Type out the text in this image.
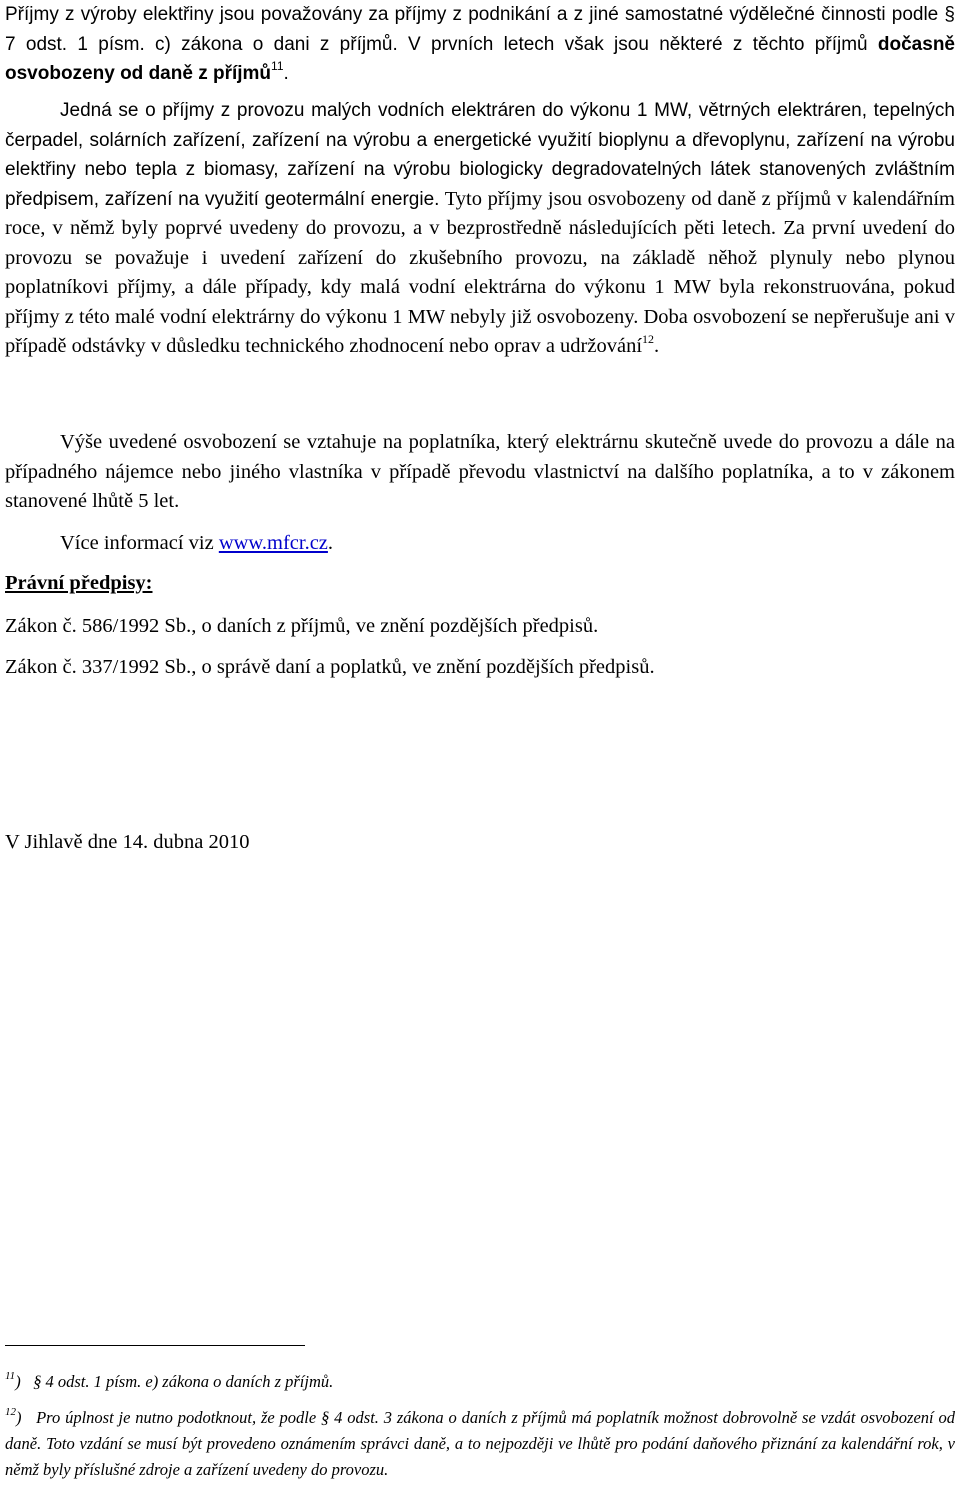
Příjmy z výroby elektřiny jsou považovány za příjmy z podnikání a z jiné samostatné výdělečné činnosti podle § 7 odst. 1 písm. c) zákona o dani z příjmů. V prvních letech však jsou některé z těchto příjmů dočasně osvobozeny od daně z příjmů$^{11}$.
Jedná se o příjmy z provozu malých vodních elektráren do výkonu 1 MW, větrných elektráren, tepelných čerpadel, solárních zařízení, zařízení na výrobu a energetické využití bioplynu a dřevoplynu, zařízení na výrobu elektřiny nebo tepla z biomasy, zařízení na výrobu biologicky degradovatelných látek stanovených zvláštním předpisem, zařízení na využití geotermální energie. Tyto příjmy jsou osvobozeny od daně z příjmů v kalendářním roce, v němž byly poprvé uvedeny do provozu, a v bezprostředně následujících pěti letech. Za první uvedení do provozu se považuje i uvedení zařízení do zkušebního provozu, na základě něhož plynuly nebo plynou poplatníkovi příjmy, a dále případy, kdy malá vodní elektrárna do výkonu 1 MW byla rekonstruována, pokud příjmy z této malé vodní elektrárny do výkonu 1 MW nebyly již osvobozeny. Doba osvobození se nepřerušuje ani v případě odstávky v důsledku technického zhodnocení nebo oprav a udržování$^{12}$.
Výše uvedené osvobození se vztahuje na poplatníka, který elektrárnu skutečně uvede do provozu a dále na případného nájemce nebo jiného vlastníka v případě převodu vlastnictví na dalšího poplatníka, a to v zákonem stanovené lhůtě 5 let.
Více informací viz www.mfcr.cz.
Právní předpisy:
Zákon č. 586/1992 Sb., o daních z příjmů, ve znění pozdějších předpisů.
Zákon č. 337/1992 Sb., o správě daní a poplatků, ve znění pozdějších předpisů.
V Jihlavě dne 14. dubna 2010
$^{11}$) § 4 odst. 1 písm. e) zákona o daních z příjmů.
$^{12}$) Pro úplnost je nutno podotknout, že podle § 4 odst. 3 zákona o daních z příjmů má poplatník možnost dobrovolně se vzdát osvobození od daně. Toto vzdání se musí být provedeno oznámením správci daně, a to nejpozději ve lhůtě pro podání daňového přiznání za kalendářní rok, v němž byly příslušné zdroje a zařízení uvedeny do provozu.
